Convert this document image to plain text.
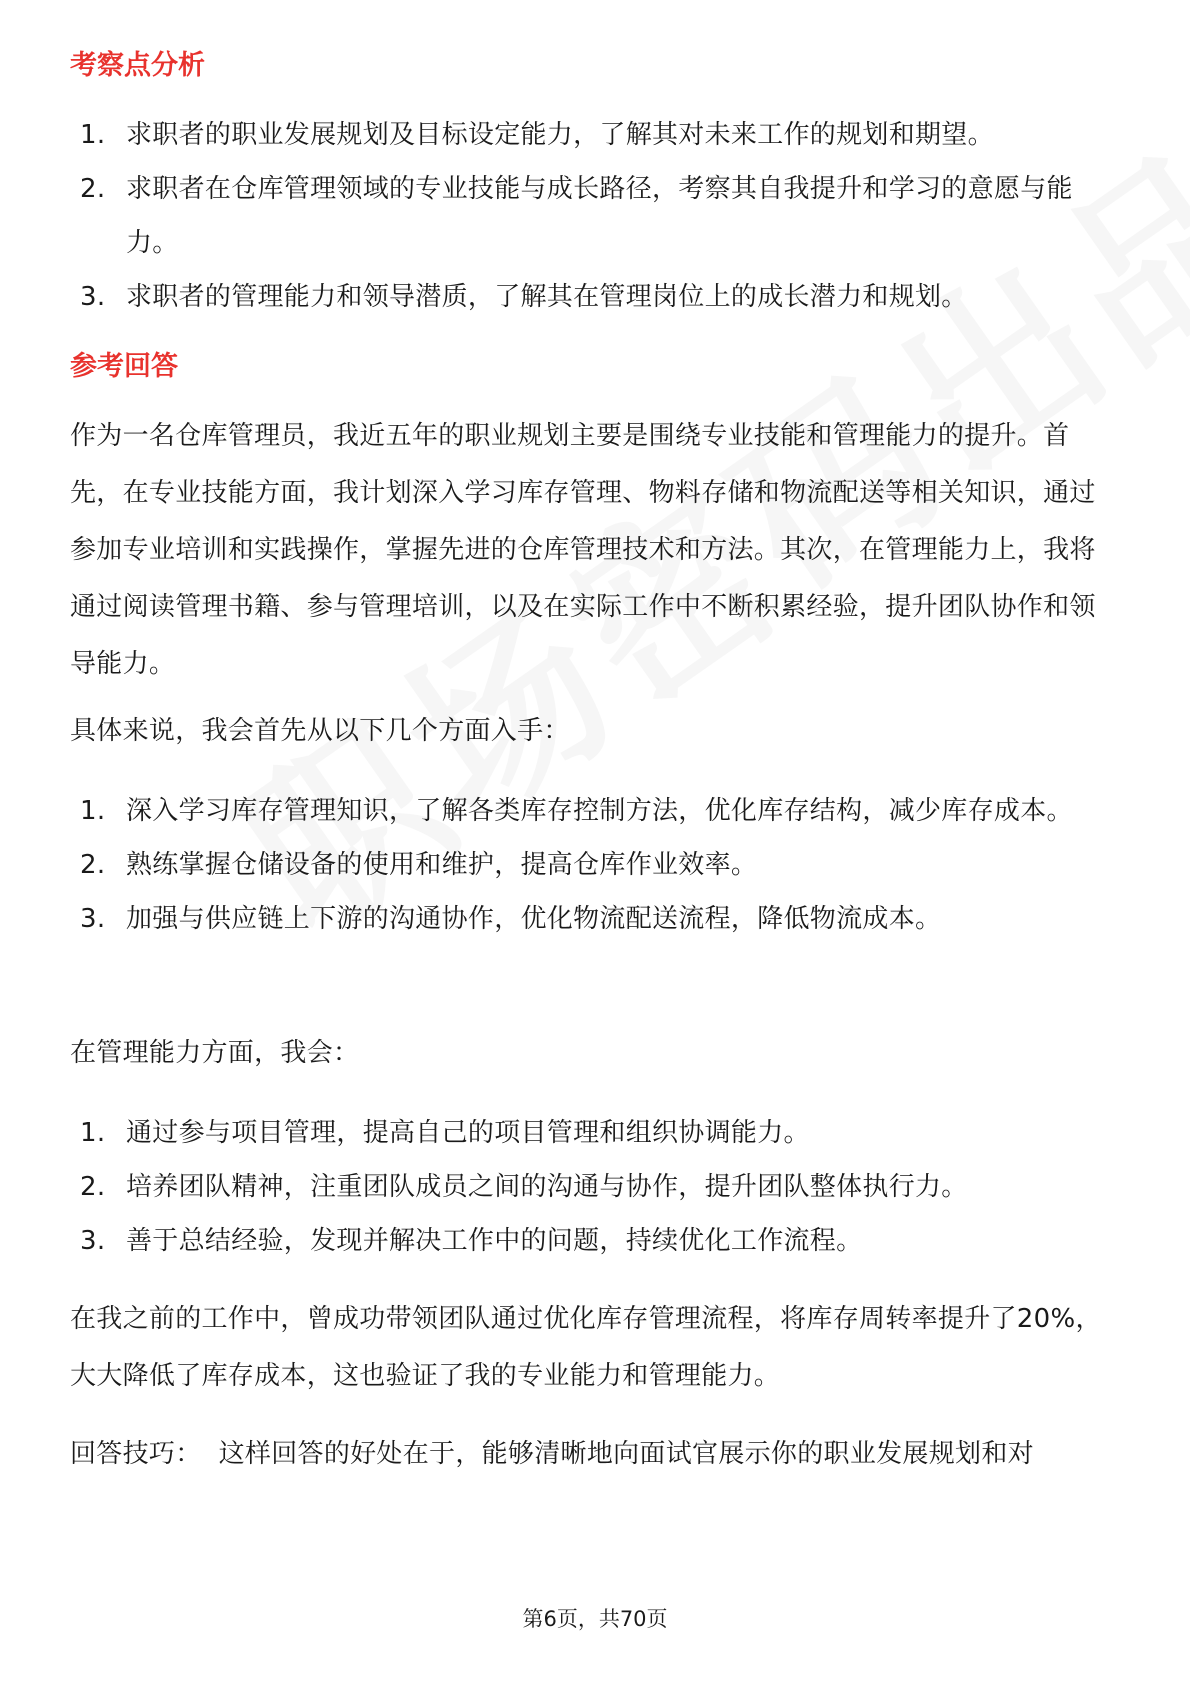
考察点分析
1. 求职者的职业发展规划及目标设定能力，了解其对未来工作的规划和期望。
2. 求职者在仓库管理领域的专业技能与成长路径，考察其自我提升和学习的意愿与能力。
3. 求职者的管理能力和领导潜质，了解其在管理岗位上的成长潜力和规划。
参考回答
作为一名仓库管理员，我近五年的职业规划主要是围绕专业技能和管理能力的提升。首先，在专业技能方面，我计划深入学习库存管理、物料存储和物流配送等相关知识，通过参加专业培训和实践操作，掌握先进的仓库管理技术和方法。其次，在管理能力上，我将通过阅读管理书籍、参与管理培训，以及在实际工作中不断积累经验，提升团队协作和领导能力。
具体来说，我会首先从以下几个方面入手：
1. 深入学习库存管理知识，了解各类库存控制方法，优化库存结构，减少库存成本。
2. 熟练掌握仓储设备的使用和维护，提高仓库作业效率。
3. 加强与供应链上下游的沟通协作，优化物流配送流程，降低物流成本。
在管理能力方面，我会：
1. 通过参与项目管理，提高自己的项目管理和组织协调能力。
2. 培养团队精神，注重团队成员之间的沟通与协作，提升团队整体执行力。
3. 善于总结经验，发现并解决工作中的问题，持续优化工作流程。
在我之前的工作中，曾成功带领团队通过优化库存管理流程，将库存周转率提升了20%，大大降低了库存成本，这也验证了我的专业能力和管理能力。
回答技巧：  这样回答的好处在于，能够清晰地向面试官展示你的职业发展规划和对
第6页，共70页
